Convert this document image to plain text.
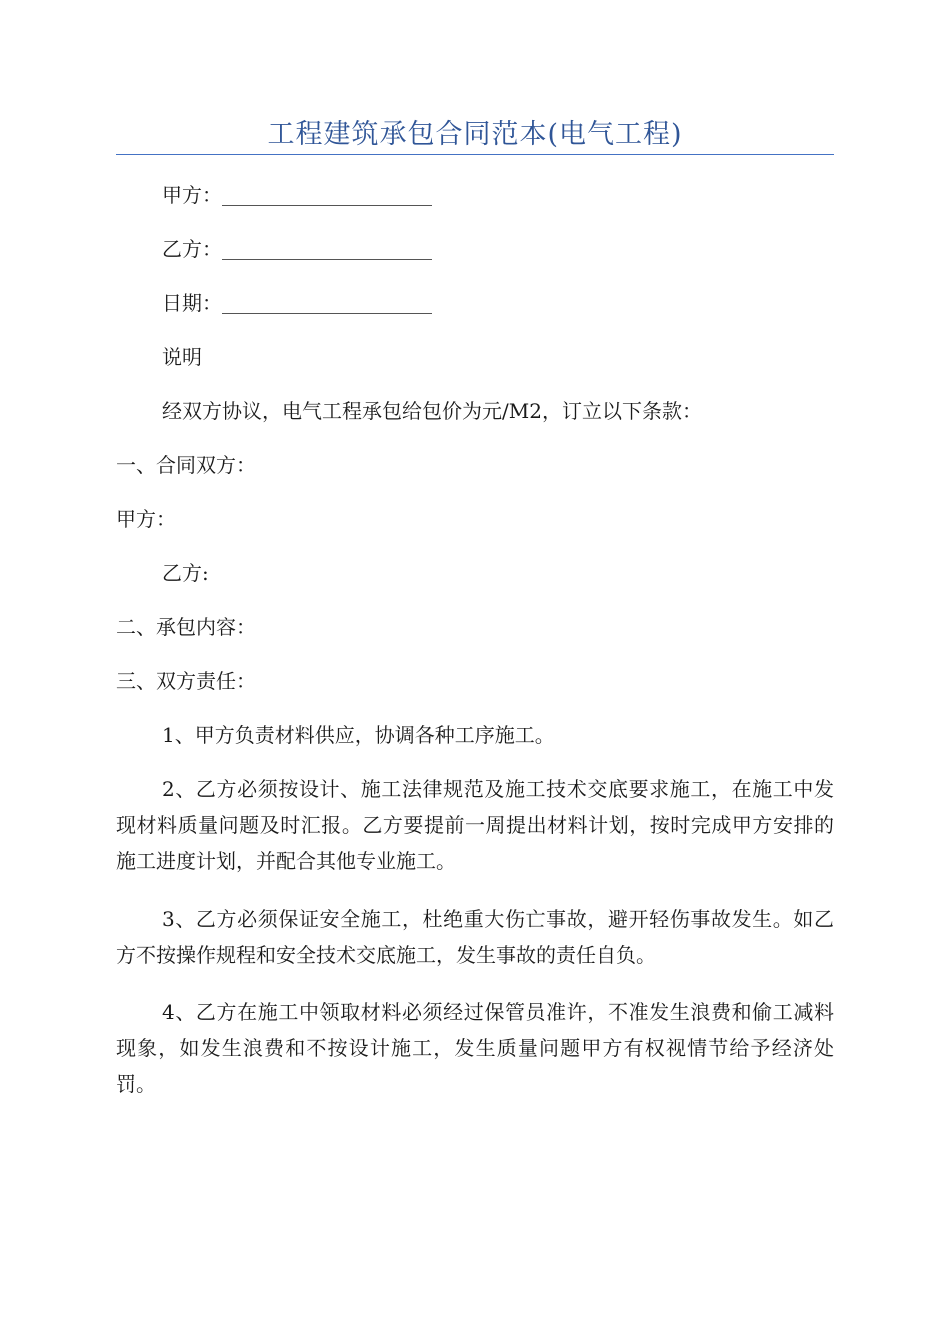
工程建筑承包合同范本(电气工程)
甲方：
乙方：
日期：
说明
经双方协议，电气工程承包给包价为元/M2，订立以下条款：
一、合同双方：
甲方：
乙方:
二、承包内容：
三、双方责任：
1、甲方负责材料供应，协调各种工序施工。
2、乙方必须按设计、施工法律规范及施工技术交底要求施工，在施工中发现材料质量问题及时汇报。乙方要提前一周提出材料计划，按时完成甲方安排的施工进度计划，并配合其他专业施工。
3、乙方必须保证安全施工，杜绝重大伤亡事故，避开轻伤事故发生。如乙方不按操作规程和安全技术交底施工，发生事故的责任自负。
4、乙方在施工中领取材料必须经过保管员准许，不准发生浪费和偷工减料现象，如发生浪费和不按设计施工，发生质量问题甲方有权视情节给予经济处罚。
